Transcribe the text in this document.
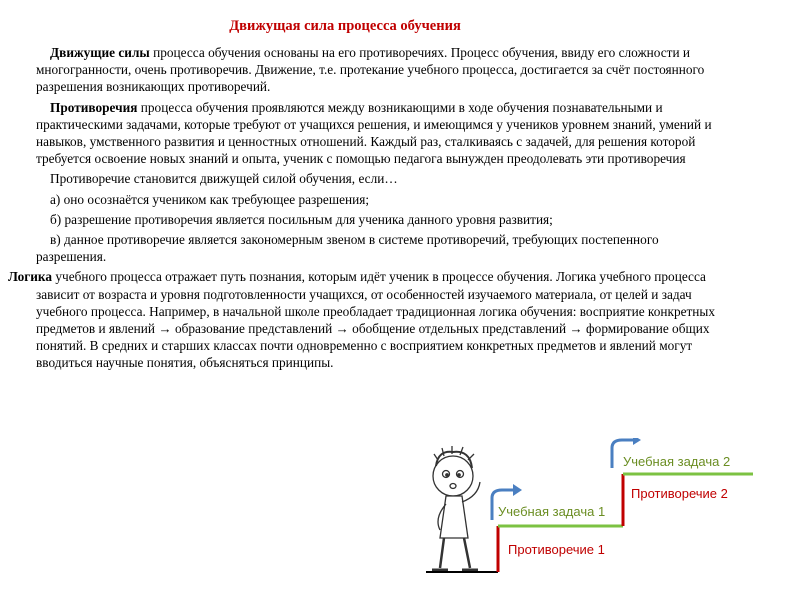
Движущая сила процесса обучения

Движущие силы процесса обучения основаны на его противоречиях. Процесс обучения, ввиду его сложности и многогранности, очень противоречив. Движение, т.е. протекание учебного процесса, достигается за счёт постоянного разрешения возникающих противоречий.

Противоречия процесса обучения проявляются между возникающими в ходе обучения познавательными и практическими задачами, которые требуют от учащихся решения, и имеющимся у учеников уровнем знаний, умений и навыков, умственного развития и ценностных отношений. Каждый раз, сталкиваясь с задачей, для решения которой требуется освоение новых знаний и опыта, ученик с помощью педагога вынужден преодолевать эти противоречия

Противоречие становится движущей силой обучения, если…

а) оно осознаётся учеником как требующее разрешения;

б) разрешение противоречия является посильным для ученика данного уровня развития;

в) данное противоречие является закономерным звеном в системе противоречий, требующих постепенного разрешения.

Логика учебного процесса отражает путь познания, которым идёт ученик в процессе обучения. Логика учебного процесса зависит от возраста и уровня подготовленности учащихся, от особенностей изучаемого материала, от целей и задач учебного процесса. Например, в начальной школе преобладает традиционная логика обучения: восприятие конкретных предметов и явлений → образование представлений → обобщение отдельных представлений → формирование общих понятий. В средних и старших классах почти одновременно с восприятием конкретных предметов и явлений могут вводиться научные понятия, объясняться принципы.

Учебная задача 1
Противоречие 1
Учебная задача 2
Противоречие 2
